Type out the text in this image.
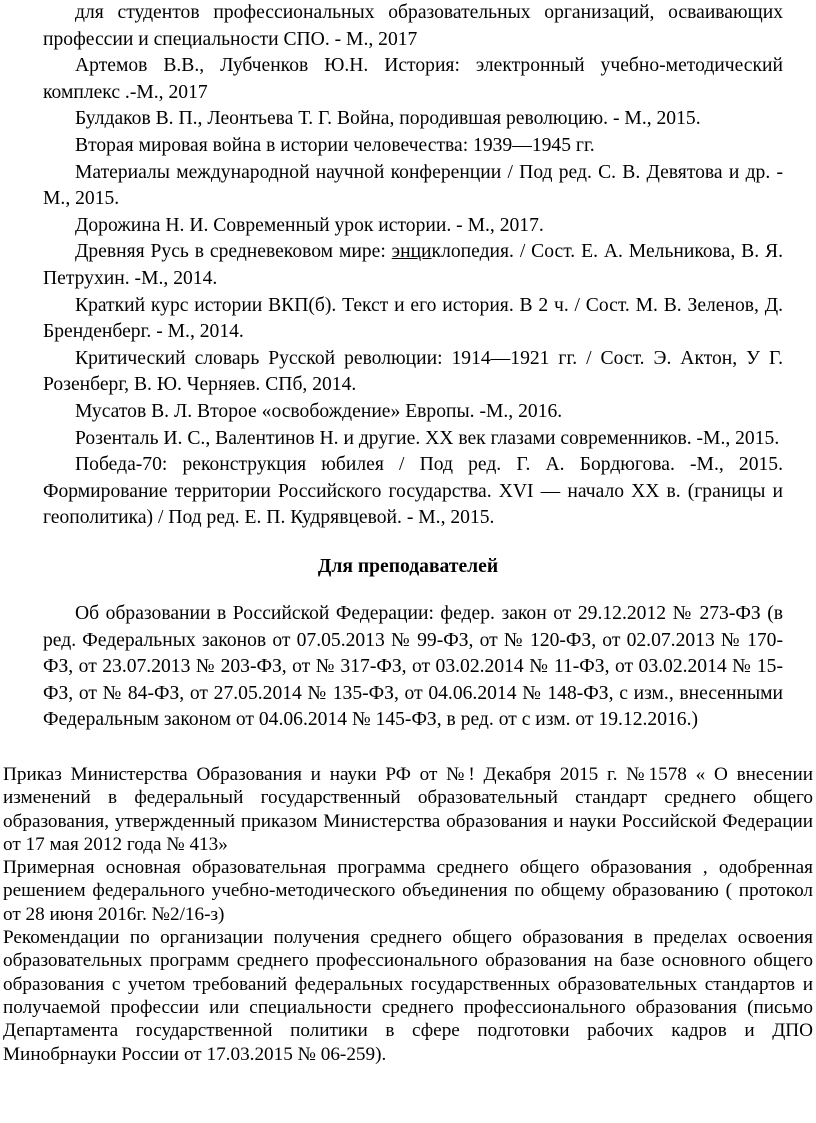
для студентов профессиональных образовательных организаций, осваивающих профессии и специальности СПО. - М., 2017

Артемов В.В., Лубченков Ю.Н. История: электронный учебно-методический комплекс .-М., 2017

Булдаков В. П., Леонтьева Т. Г. Война, породившая революцию. - М., 2015.

Вторая мировая война в истории человечества: 1939—1945 гг.

Материалы международной научной конференции / Под ред. С. В. Девятова и др. - М., 2015.

Дорожина Н. И. Современный урок истории. - М., 2017.

Древняя Русь в средневековом мире: энциклопедия. / Сост. Е. А. Мельникова, В. Я. Петрухин. -М., 2014.

Краткий курс истории ВКП(б). Текст и его история. В 2 ч. / Сост. М. В. Зеленов, Д. Бренденберг. - М., 2014.

Критический словарь Русской революции: 1914—1921 гг. / Сост. Э. Актон, У Г. Розенберг, В. Ю. Черняев. СПб, 2014.

Мусатов В. Л. Второе «освобождение» Европы. -М., 2016.

Розенталь И. С., Валентинов Н. и другие. XX век глазами современников. -М., 2015.

Победа-70: реконструкция юбилея / Под ред. Г. А. Бордюгова. -М., 2015. Формирование территории Российского государства. XVI — начало XX в. (границы и геополитика) / Под ред. Е. П. Кудрявцевой. - М., 2015.

Для преподавателей

Об образовании в Российской Федерации: федер. закон от 29.12.2012 № 273-ФЗ (в ред. Федеральных законов от 07.05.2013 № 99-ФЗ, от № 120-ФЗ, от 02.07.2013 № 170-ФЗ, от 23.07.2013 № 203-ФЗ, от № 317-ФЗ, от 03.02.2014 № 11-ФЗ, от 03.02.2014 № 15-ФЗ, от № 84-ФЗ, от 27.05.2014 № 135-ФЗ, от 04.06.2014 № 148-ФЗ, с изм., внесенными Федеральным законом от 04.06.2014 № 145-ФЗ, в ред. от с изм. от 19.12.2016.)

Приказ Министерства Образования и науки РФ от №! Декабря 2015 г. №1578 « О внесении изменений в федеральный государственный образовательный стандарт среднего общего образования, утвержденный приказом Министерства образования и науки Российской Федерации от 17 мая 2012 года № 413»

Примерная основная образовательная программа среднего общего образования , одобренная решением федерального учебно-методического объединения по общему образованию ( протокол от 28 июня 2016г. №2/16-з)

Рекомендации по организации получения среднего общего образования в пределах освоения образовательных программ среднего профессионального образования на базе основного общего образования с учетом требований федеральных государственных образовательных стандартов и получаемой профессии или специальности среднего профессионального образования (письмо Департамента государственной политики в сфере подготовки рабочих кадров и ДПО Минобрнауки России от 17.03.2015 № 06-259).
